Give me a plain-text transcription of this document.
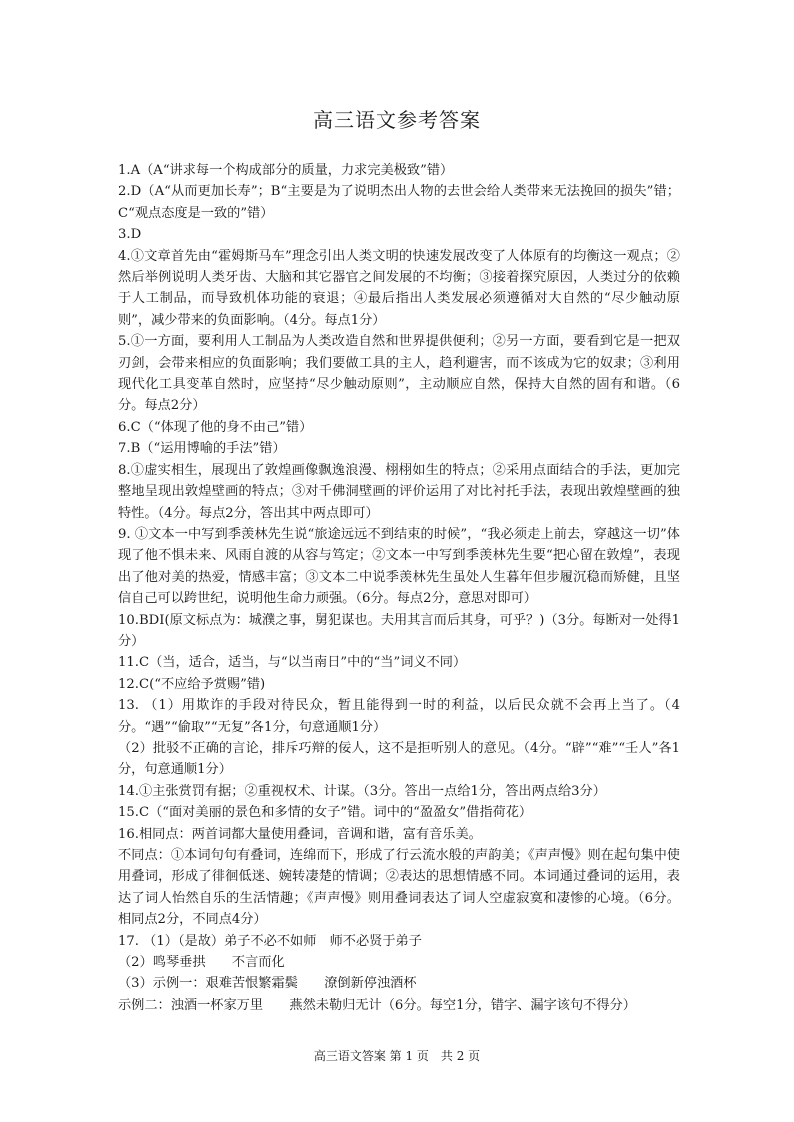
高三语文参考答案

1.A（A“讲求每一个构成部分的质量，力求完美极致”错）

2.D（A“从而更加长寿”；B“主要是为了说明杰出人物的去世会给人类带来无法挽回的损失”错；C“观点态度是一致的”错）

3.D

4.①文章首先由“霍姆斯马车”理念引出人类文明的快速发展改变了人体原有的均衡这一观点；②然后举例说明人类牙齿、大脑和其它器官之间发展的不均衡；③接着探究原因，人类过分的依赖于人工制品，而导致机体功能的衰退；④最后指出人类发展必须遵循对大自然的“尽少触动原则”，减少带来的负面影响。（4分。每点1分）

5.①一方面，要利用人工制品为人类改造自然和世界提供便利；②另一方面，要看到它是一把双刃剑，会带来相应的负面影响；我们要做工具的主人，趋利避害，而不该成为它的奴隶；③利用现代化工具变革自然时，应坚持“尽少触动原则”，主动顺应自然，保持大自然的固有和谐。（6分。每点2分）

6.C（“体现了他的身不由己”错）

7.B（“运用博喻的手法”错）

8.①虚实相生，展现出了敦煌画像飘逸浪漫、栩栩如生的特点；②采用点面结合的手法，更加完整地呈现出敦煌壁画的特点；③对千佛洞壁画的评价运用了对比衬托手法，表现出敦煌壁画的独特性。（4分。每点2分，答出其中两点即可）

9. ①文本一中写到季羡林先生说“旅途远远不到结束的时候”，“我必须走上前去，穿越这一切”体现了他不惧未来、风雨自渡的从容与笃定；②文本一中写到季羡林先生要“把心留在敦煌”，表现出了他对美的热爱，情感丰富；③文本二中说季羡林先生虽处人生暮年但步履沉稳而矫健，且坚信自己可以跨世纪，说明他生命力顽强。（6分。每点2分，意思对即可）

10.BDI(原文标点为：城濮之事，舅犯谋也。夫用其言而后其身，可乎？)（3分。每断对一处得1分）

11.C（当，适合，适当，与“以当南日”中的“当”词义不同）

12.C(“不应给予赏赐”错)

13. （1）用欺诈的手段对待民众，暂且能得到一时的利益，以后民众就不会再上当了。（4分。“遇”“偷取”“无复”各1分，句意通顺1分）

（2）批驳不正确的言论，排斥巧辩的佞人，这不是拒听别人的意见。（4分。“辟”“难”“壬人”各1分，句意通顺1分）

14.①主张赏罚有据；②重视权术、计谋。（3分。答出一点给1分，答出两点给3分）

15.C（“面对美丽的景色和多情的女子”错。词中的“盈盈女”借指荷花）

16.相同点：两首词都大量使用叠词，音调和谐，富有音乐美。

不同点：①本词句句有叠词，连绵而下，形成了行云流水般的声韵美；《声声慢》则在起句集中使用叠词，形成了徘徊低迷、婉转凄楚的情调；②表达的思想情感不同。本词通过叠词的运用，表达了词人怡然自乐的生活情趣；《声声慢》则用叠词表达了词人空虚寂寞和凄惨的心境。（6分。相同点2分，不同点4分）

17. （1）（是故）弟子不必不如师　师不必贤于弟子

（2）鸣琴垂拱　　不言而化

（3）示例一：艰难苦恨繁霜鬓　　潦倒新停浊酒杯

示例二：浊酒一杯家万里　　燕然未勒归无计（6分。每空1分，错字、漏字该句不得分）

高三语文答案 第 1 页　共 2 页
